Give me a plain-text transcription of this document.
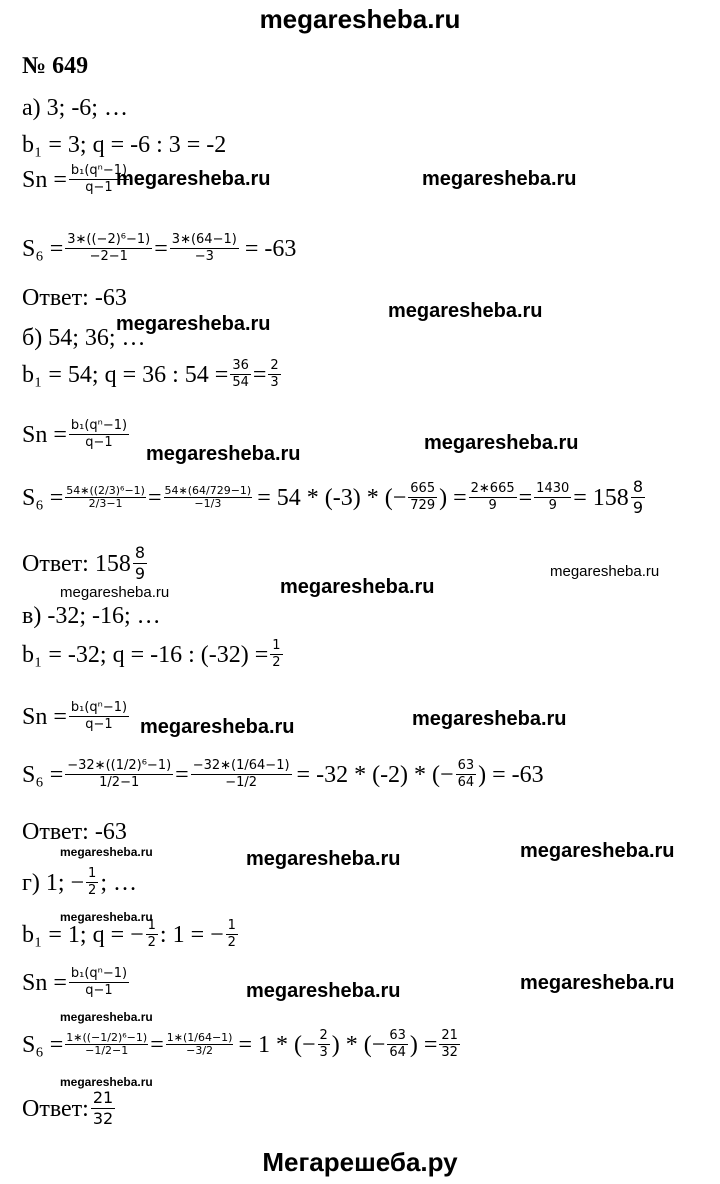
megaresheba.ru
№ 649
а) 3; -6; …
b₁ = 3; q = -6 : 3 = -2
Sn = b₁(qⁿ−1)
q−1
S₆ = 3∗((−2)⁶−1)
−2−1 = 3∗(64−1)
−3 = -63
Ответ: -63
б) 54; 36; …
b₁ = 54; q = 36 : 54 = 36
54 = 2
3
Sn = b₁(qⁿ−1)
q−1
S₆ = 54∗((2/3)⁶−1)
2/3−1 = 54∗(64/729−1)
−1/3 = 54 * (-3) * (− 665
729 ) = 2∗665
9 = 1430
9 = 158 8
9
Ответ: 158 8
9
в) -32; -16; …
b₁ = -32; q = -16 : (-32) = 1
2
Sn = b₁(qⁿ−1)
q−1
S₆ = −32∗((1/2)⁶−1)
1/2−1 = −32∗(1/64−1)
−1/2 = -32 * (-2) * (− 63
64 ) = -63
Ответ: -63
г) 1; − 1
2 ; …
b₁ = 1; q = − 1
2 : 1 = − 1
2
Sn = b₁(qⁿ−1)
q−1
S₆ = 1∗((−1/2)⁶−1)
−1/2−1 = 1∗(1/64−1)
−3/2 = 1 * (− 2
3 ) * (− 63
64 ) = 21
32
Ответ: 21
32
megaresheba.ru	megaresheba.ru
megaresheba.ru
megaresheba.ru
megaresheba.ru
megaresheba.ru
megaresheba.ru
megaresheba.ru
megaresheba.ru
megaresheba.ru	megaresheba.ru
megaresheba.ru	megaresheba.ru	megaresheba.ru
megaresheba.ru
megaresheba.ru	megaresheba.ru
megaresheba.ru
megaresheba.ru
Мегарешеба.ру
